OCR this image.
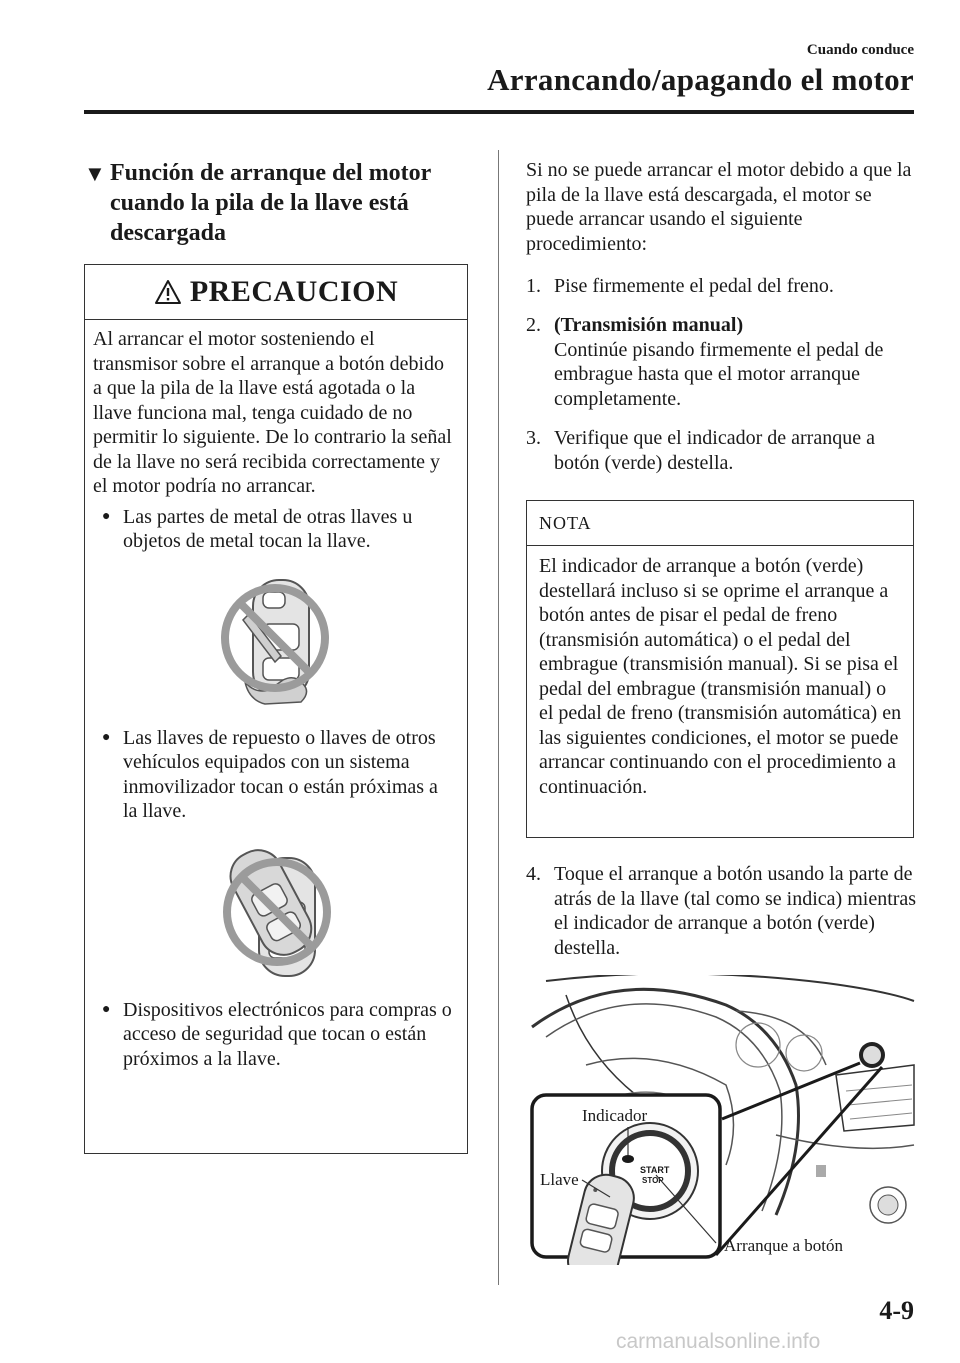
Cuando conduce
Arrancando/apagando el motor
▼ Función de arranque del motor cuando la pila de la llave está descargada
PRECAUCION

Al arrancar el motor sosteniendo el transmisor sobre el arranque a botón debido a que la pila de la llave está agotada o la llave funciona mal, tenga cuidado de no permitir lo siguiente. De lo contrario la señal de la llave no será recibida correctamente y el motor podría no arrancar.

● Las partes de metal de otras llaves u objetos de metal tocan la llave.
● Las llaves de repuesto o llaves de otros vehículos equipados con un sistema inmovilizador tocan o están próximas a la llave.
● Dispositivos electrónicos para compras o acceso de seguridad que tocan o están próximos a la llave.

Si no se puede arrancar el motor debido a que la pila de la llave está descargada, el motor se puede arrancar usando el siguiente procedimiento:

1. Pise firmemente el pedal del freno.
2. (Transmisión manual)
Continúe pisando firmemente el pedal de embrague hasta que el motor arranque completamente.
3. Verifique que el indicador de arranque a botón (verde) destella.
NOTA
El indicador de arranque a botón (verde) destellará incluso si se oprime el arranque a botón antes de pisar el pedal de freno (transmisión automática) o el pedal del embrague (transmisión manual). Si se pisa el pedal del embrague (transmisión manual) o el pedal de freno (transmisión automática) en las siguientes condiciones, el motor se puede arrancar continuando con el procedimiento a continuación.
4. Toque el arranque a botón usando la parte de atrás de la llave (tal como se indica) mientras el indicador de arranque a botón (verde) destella.
START
STOP
Indicador
Llave
Arranque a botón
4-9
carmanualsonline.info
